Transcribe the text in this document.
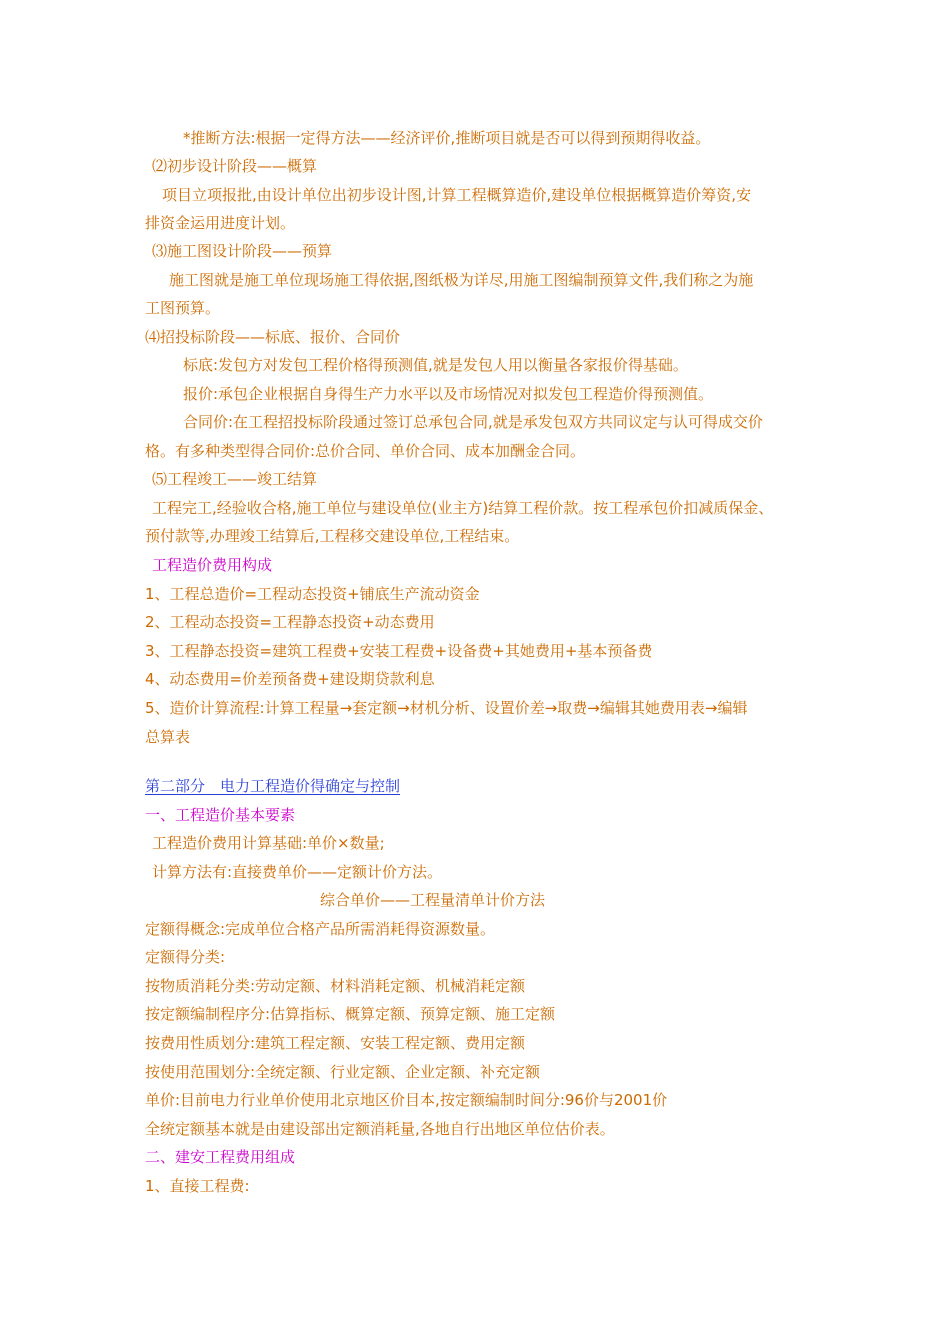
*推断方法:根据一定得方法——经济评价,推断项目就是否可以得到预期得收益。
⑵初步设计阶段——概算
项目立项报批,由设计单位出初步设计图,计算工程概算造价,建设单位根据概算造价筹资,安
排资金运用进度计划。
⑶施工图设计阶段——预算
施工图就是施工单位现场施工得依据,图纸极为详尽,用施工图编制预算文件,我们称之为施
工图预算。
⑷招投标阶段——标底、报价、合同价
标底:发包方对发包工程价格得预测值,就是发包人用以衡量各家报价得基础。
报价:承包企业根据自身得生产力水平以及市场情况对拟发包工程造价得预测值。
合同价:在工程招投标阶段通过签订总承包合同,就是承发包双方共同议定与认可得成交价
格。有多种类型得合同价:总价合同、单价合同、成本加酬金合同。
⑸工程竣工——竣工结算
工程完工,经验收合格,施工单位与建设单位(业主方)结算工程价款。按工程承包价扣减质保金、
预付款等,办理竣工结算后,工程移交建设单位,工程结束。
工程造价费用构成
1、工程总造价=工程动态投资+铺底生产流动资金
2、工程动态投资=工程静态投资+动态费用
3、工程静态投资=建筑工程费+安装工程费+设备费+其她费用+基本预备费
4、动态费用=价差预备费+建设期贷款利息
5、造价计算流程:计算工程量→套定额→材机分析、设置价差→取费→编辑其她费用表→编辑
总算表
第二部分　电力工程造价得确定与控制
一、工程造价基本要素
工程造价费用计算基础:单价×数量;
计算方法有:直接费单价——定额计价方法。
综合单价——工程量清单计价方法
定额得概念:完成单位合格产品所需消耗得资源数量。
定额得分类:
按物质消耗分类:劳动定额、材料消耗定额、机械消耗定额
按定额编制程序分:估算指标、概算定额、预算定额、施工定额
按费用性质划分:建筑工程定额、安装工程定额、费用定额
按使用范围划分:全统定额、行业定额、企业定额、补充定额
单价:目前电力行业单价使用北京地区价目本,按定额编制时间分:96价与2001价
全统定额基本就是由建设部出定额消耗量,各地自行出地区单位估价表。
二、建安工程费用组成
1、直接工程费:
